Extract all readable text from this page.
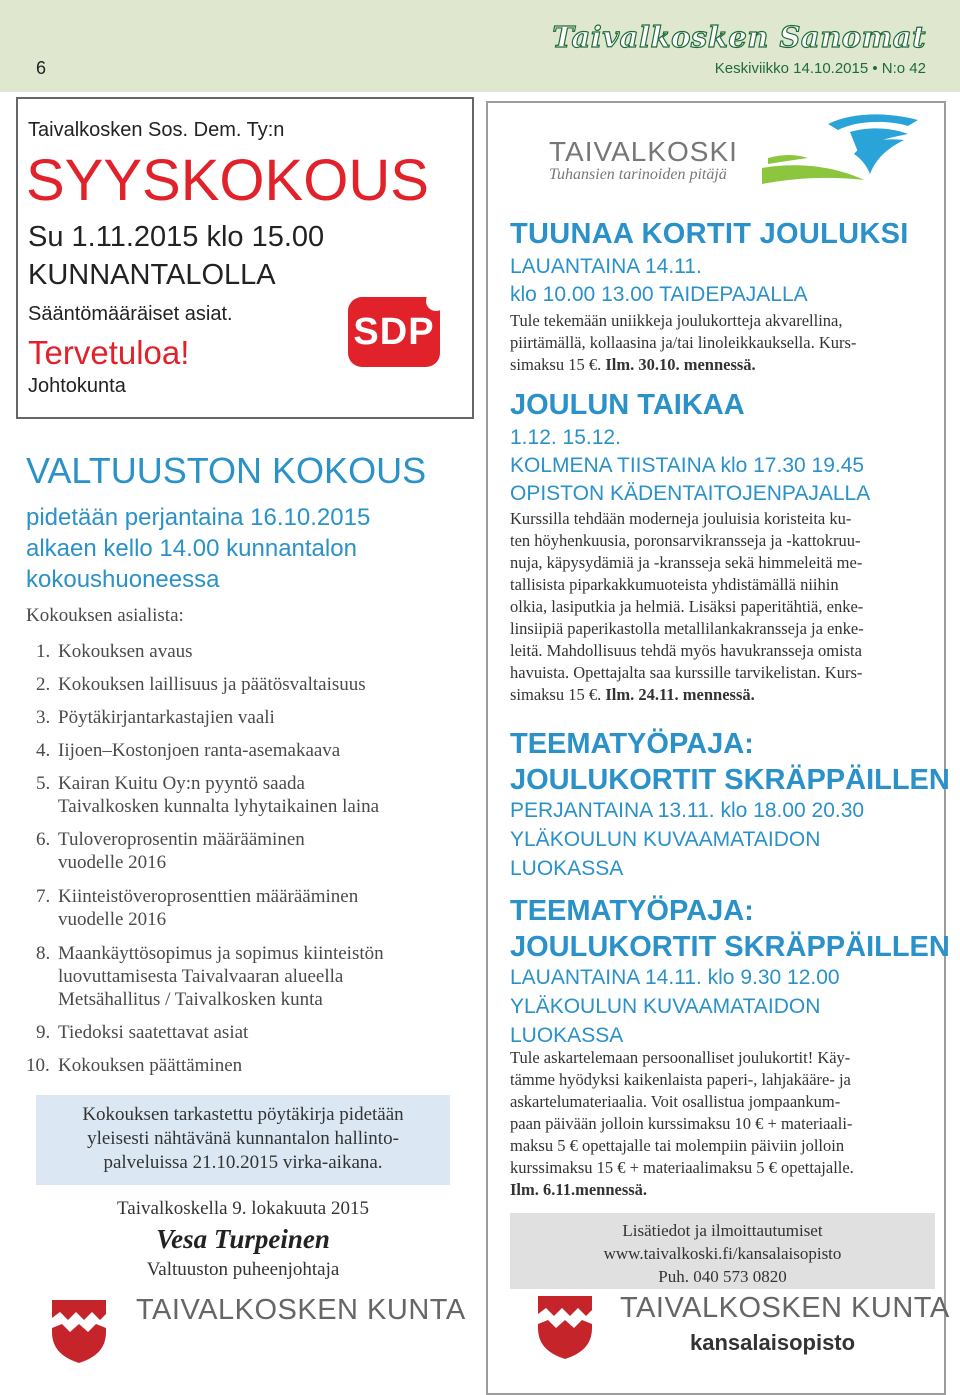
6
Taivalkosken Sanomat
Keskiviikko 14.10.2015 • N:o 42
Taivalkosken Sos. Dem. Ty:n
SYYSKOKOUS
Su 1.11.2015 klo 15.00
KUNNANTALOLLA
Sääntömääräiset asiat.
Tervetuloa!
Johtokunta
SDP
VALTUUSTON KOKOUS
pidetään perjantaina 16.10.2015
alkaen kello 14.00 kunnantalon
kokoushuoneessa
Kokouksen asialista:
1. Kokouksen avaus
2. Kokouksen laillisuus ja päätösvaltaisuus
3. Pöytäkirjantarkastajien vaali
4. Iijoen–Kostonjoen ranta-asemakaava
5. Kairan Kuitu Oy:n pyyntö saada
Taivalkosken kunnalta lyhytaikainen laina
6. Tuloveroprosentin määrääminen
vuodelle 2016
7. Kiinteistöveroprosenttien määrääminen
vuodelle 2016
8. Maankäyttösopimus ja sopimus kiinteistön
luovuttamisesta Taivalvaaran alueella
Metsähallitus / Taivalkosken kunta
9. Tiedoksi saatettavat asiat
10. Kokouksen päättäminen
Kokouksen tarkastettu pöytäkirja pidetään
yleisesti nähtävänä kunnantalon hallinto-
palveluissa 21.10.2015 virka-aikana.
Taivalkoskella 9. lokakuuta 2015
Vesa Turpeinen
Valtuuston puheenjohtaja
TAIVALKOSKEN KUNTA
TAIVALKOSKI
Tuhansien tarinoiden pitäjä
TUUNAA KORTIT JOULUKSI
LAUANTAINA 14.11.
klo 10.00 13.00 TAIDEPAJALLA
Tule tekemään uniikkeja joulukortteja akvarellina,
piirtämällä, kollaasina ja/tai linoleikkauksella. Kurs-
simaksu 15 €. Ilm. 30.10. mennessä.
JOULUN TAIKAA
1.12. 15.12.
KOLMENA TIISTAINA klo 17.30 19.45
OPISTON KÄDENTAITOJENPAJALLA
Kurssilla tehdään moderneja jouluisia koristeita ku-
ten höyhenkuusia, poronsarvikransseja ja -kattokruu-
nuja, käpysydämiä ja -kransseja sekä himmeleitä me-
tallisista piparkakkumuoteista yhdistämällä niihin
olkia, lasiputkia ja helmiä. Lisäksi paperitähtiä, enke-
linsiipiä paperikastolla metallilankakransseja ja enke-
leitä. Mahdollisuus tehdä myös havukransseja omista
havuista. Opettajalta saa kurssille tarvikelistan. Kurs-
simaksu 15 €. Ilm. 24.11. mennessä.
TEEMATYÖPAJA:
JOULUKORTIT SKRÄPPÄILLEN
PERJANTAINA 13.11. klo 18.00 20.30
YLÄKOULUN KUVAAMATAIDON
LUOKASSA
TEEMATYÖPAJA:
JOULUKORTIT SKRÄPPÄILLEN
LAUANTAINA 14.11. klo 9.30 12.00
YLÄKOULUN KUVAAMATAIDON
LUOKASSA
Tule askartelemaan persoonalliset joulukortit! Käy-
tämme hyödyksi kaikenlaista paperi-, lahjakääre- ja
askartelumateriaalia. Voit osallistua jompaankum-
paan päivään jolloin kurssimaksu 10 € + materiaali-
maksu 5 € opettajalle tai molempiin päiviin jolloin
kurssimaksu 15 € + materiaalimaksu 5 € opettajalle.
Ilm. 6.11.mennessä.
Lisätiedot ja ilmoittautumiset
www.taivalkoski.fi/kansalaisopisto
Puh. 040 573 0820
TAIVALKOSKEN KUNTA
kansalaisopisto
